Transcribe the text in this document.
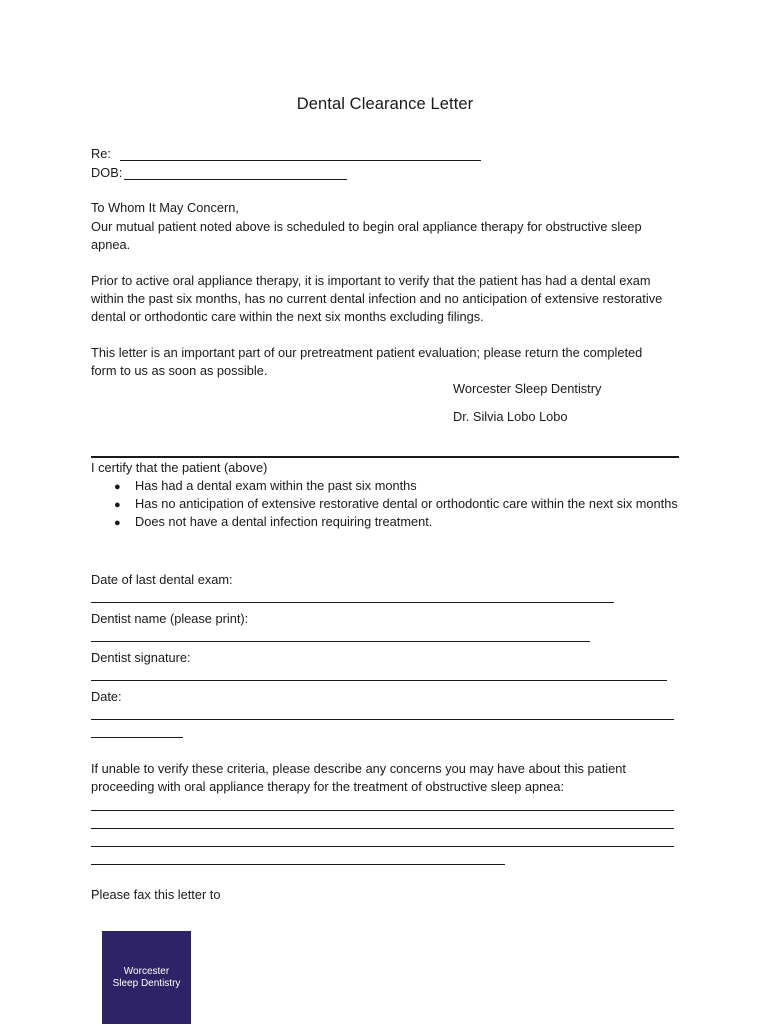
Dental Clearance Letter
Re:
DOB:
To Whom It May Concern,

Our mutual patient noted above is scheduled to begin oral appliance therapy for obstructive sleep apnea.

Prior to active oral appliance therapy, it is important to verify that the patient has had a dental exam within the past six months, has no current dental infection and no anticipation of extensive restorative dental or orthodontic care within the next six months excluding filings.

This letter is an important part of our pretreatment patient evaluation; please return the completed form to us as soon as possible.

Worcester Sleep Dentistry
Dr. Silvia Lobo Lobo
I certify that the patient (above)
● Has had a dental exam within the past six months
● Has no anticipation of extensive restorative dental or orthodontic care within the next six months
● Does not have a dental infection requiring treatment.
Date of last dental exam:
Dentist name (please print):
Dentist signature:
Date:

If unable to verify these criteria, please describe any concerns you may have about this patient proceeding with oral appliance therapy for the treatment of obstructive sleep apnea:

Please fax this letter to
Worcester
Sleep Dentistry
